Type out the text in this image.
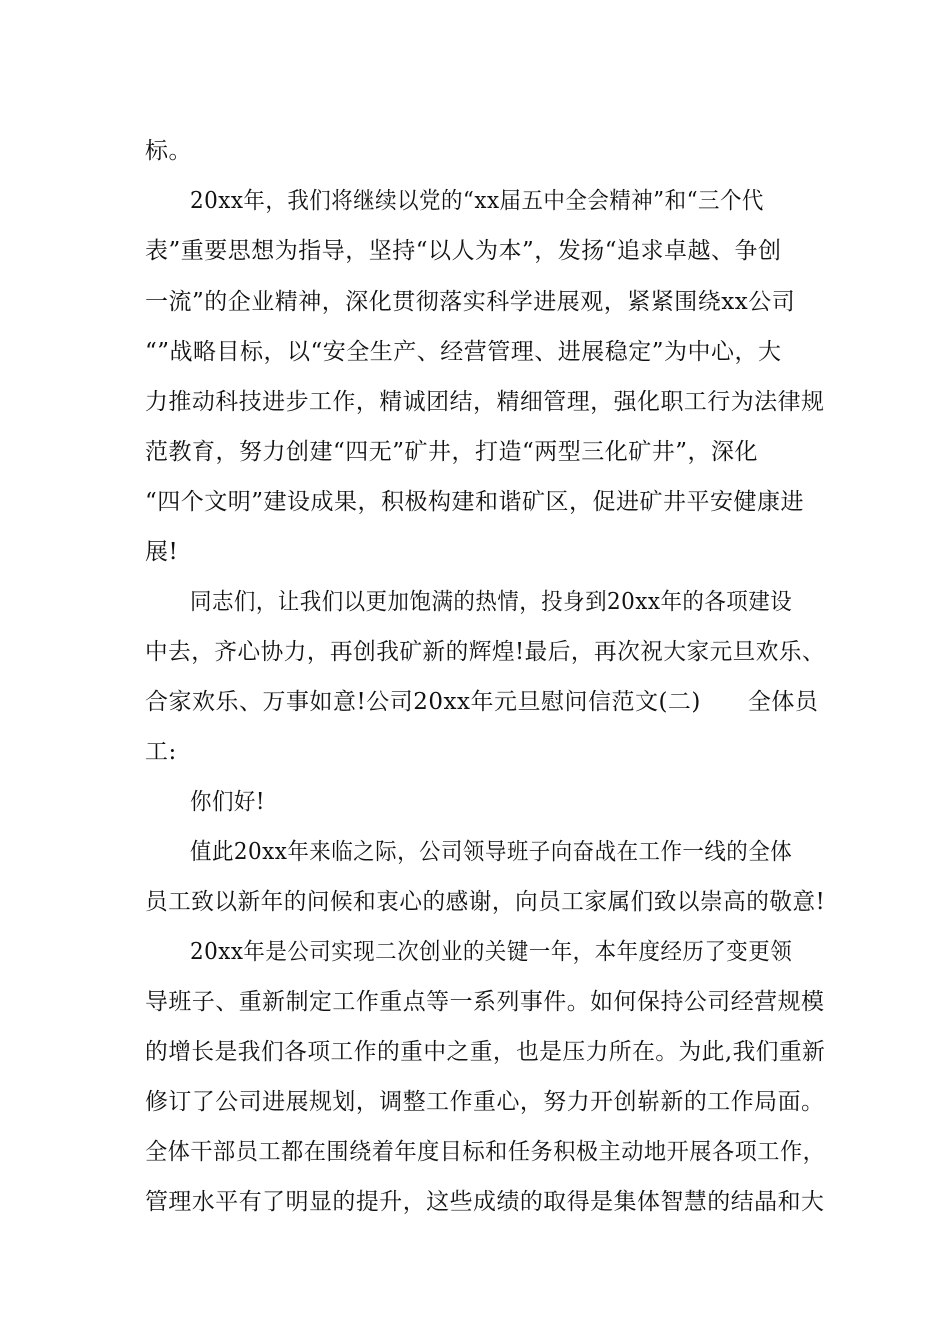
标。
20xx年，我们将继续以党的“xx届五中全会精神”和“三个代
表”重要思想为指导，坚持“以人为本”，发扬“追求卓越、争创
一流”的企业精神，深化贯彻落实科学进展观，紧紧围绕xx公司
“”战略目标，以“安全生产、经营管理、进展稳定”为中心，大
力推动科技进步工作，精诚团结，精细管理，强化职工行为法律规
范教育，努力创建“四无”矿井，打造“两型三化矿井”，深化
“四个文明”建设成果，积极构建和谐矿区，促进矿井平安健康进
展!
同志们，让我们以更加饱满的热情，投身到20xx年的各项建设
中去，齐心协力，再创我矿新的辉煌!最后，再次祝大家元旦欢乐、
合家欢乐、万事如意!公司20xx年元旦慰问信范文(二)　　全体员
工:
你们好!
值此20xx年来临之际，公司领导班子向奋战在工作一线的全体
员工致以新年的问候和衷心的感谢，向员工家属们致以崇高的敬意!
20xx年是公司实现二次创业的关键一年，本年度经历了变更领
导班子、重新制定工作重点等一系列事件。如何保持公司经营规模
的增长是我们各项工作的重中之重，也是压力所在。为此,我们重新
修订了公司进展规划，调整工作重心，努力开创崭新的工作局面。
全体干部员工都在围绕着年度目标和任务积极主动地开展各项工作，
管理水平有了明显的提升，这些成绩的取得是集体智慧的结晶和大
